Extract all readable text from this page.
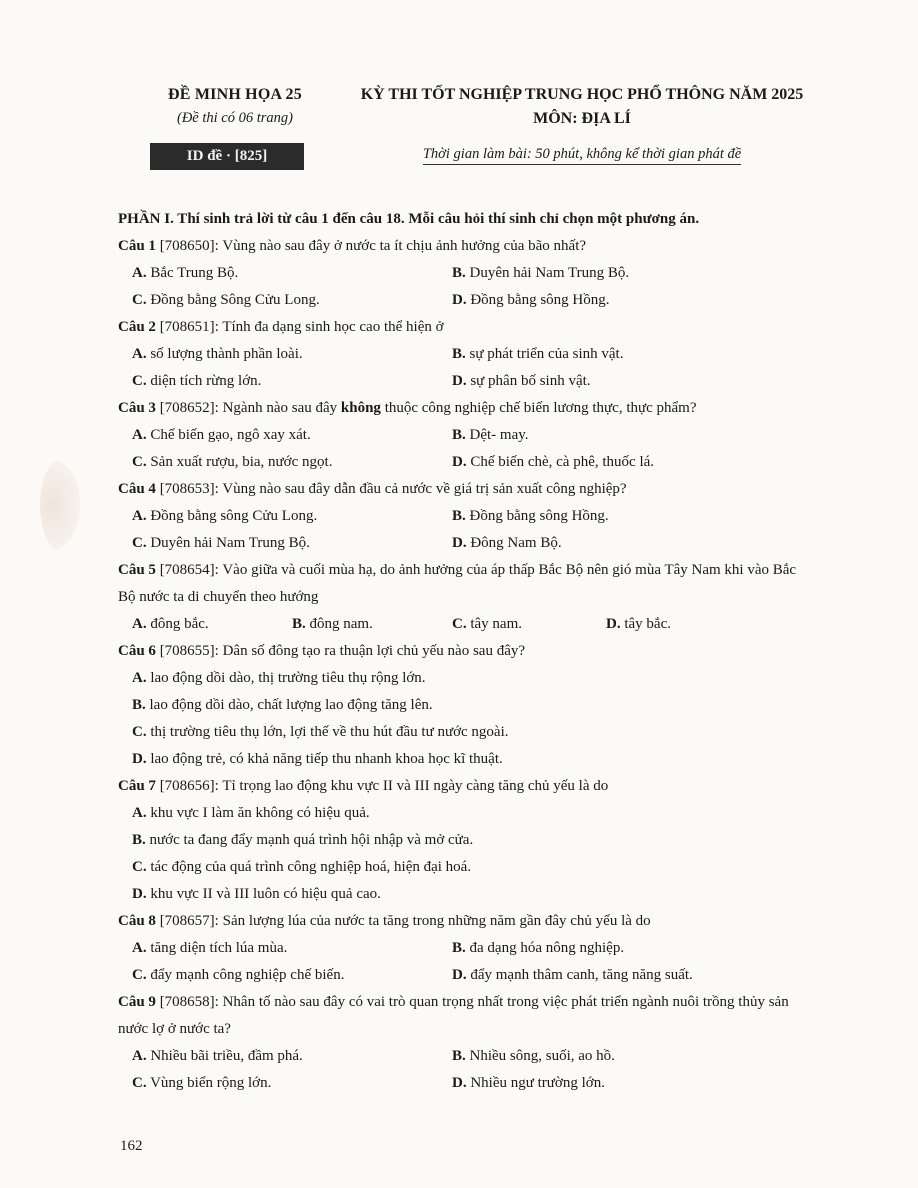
ĐỀ MINH HỌA 25
(Đề thi có 06 trang)
ID đề · [825]
KỲ THI TỐT NGHIỆP TRUNG HỌC PHỔ THÔNG NĂM 2025
MÔN: ĐỊA LÍ
Thời gian làm bài: 50 phút, không kể thời gian phát đề
PHẦN I. Thí sinh trả lời từ câu 1 đến câu 18. Mỗi câu hỏi thí sinh chỉ chọn một phương án.
Câu 1 [708650]: Vùng nào sau đây ở nước ta ít chịu ảnh hưởng của bão nhất?
A. Bắc Trung Bộ.	B. Duyên hải Nam Trung Bộ.
C. Đồng bằng Sông Cửu Long.	D. Đồng bằng sông Hồng.
Câu 2 [708651]: Tính đa dạng sinh học cao thể hiện ở
A. số lượng thành phần loài.	B. sự phát triển của sinh vật.
C. diện tích rừng lớn.	D. sự phân bố sinh vật.
Câu 3 [708652]: Ngành nào sau đây không thuộc công nghiệp chế biến lương thực, thực phẩm?
A. Chế biến gạo, ngô xay xát.	B. Dệt- may.
C. Sản xuất rượu, bia, nước ngọt.	D. Chế biến chè, cà phê, thuốc lá.
Câu 4 [708653]: Vùng nào sau đây dẫn đầu cả nước về giá trị sản xuất công nghiệp?
A. Đồng bằng sông Cửu Long.	B. Đồng bằng sông Hồng.
C. Duyên hải Nam Trung Bộ.	D. Đông Nam Bộ.
Câu 5 [708654]: Vào giữa và cuối mùa hạ, do ảnh hưởng của áp thấp Bắc Bộ nên gió mùa Tây Nam khi vào Bắc Bộ nước ta di chuyển theo hướng
A. đông bắc.	B. đông nam.	C. tây nam.	D. tây bắc.
Câu 6 [708655]: Dân số đông tạo ra thuận lợi chủ yếu nào sau đây?
A. lao động dồi dào, thị trường tiêu thụ rộng lớn.
B. lao động dồi dào, chất lượng lao động tăng lên.
C. thị trường tiêu thụ lớn, lợi thế về thu hút đầu tư nước ngoài.
D. lao động trẻ, có khả năng tiếp thu nhanh khoa học kĩ thuật.
Câu 7 [708656]: Tỉ trọng lao động khu vực II và III ngày càng tăng chủ yếu là do
A. khu vực I làm ăn không có hiệu quả.
B. nước ta đang đẩy mạnh quá trình hội nhập và mở cửa.
C. tác động của quá trình công nghiệp hoá, hiện đại hoá.
D. khu vực II và III luôn có hiệu quả cao.
Câu 8 [708657]: Sản lượng lúa của nước ta tăng trong những năm gần đây chủ yếu là do
A. tăng diện tích lúa mùa.	B. đa dạng hóa nông nghiệp.
C. đẩy mạnh công nghiệp chế biến.	D. đẩy mạnh thâm canh, tăng năng suất.
Câu 9 [708658]: Nhân tố nào sau đây có vai trò quan trọng nhất trong việc phát triển ngành nuôi trồng thủy sản nước lợ ở nước ta?
A. Nhiều bãi triều, đầm phá.	B. Nhiều sông, suối, ao hồ.
C. Vùng biển rộng lớn.	D. Nhiều ngư trường lớn.
162
